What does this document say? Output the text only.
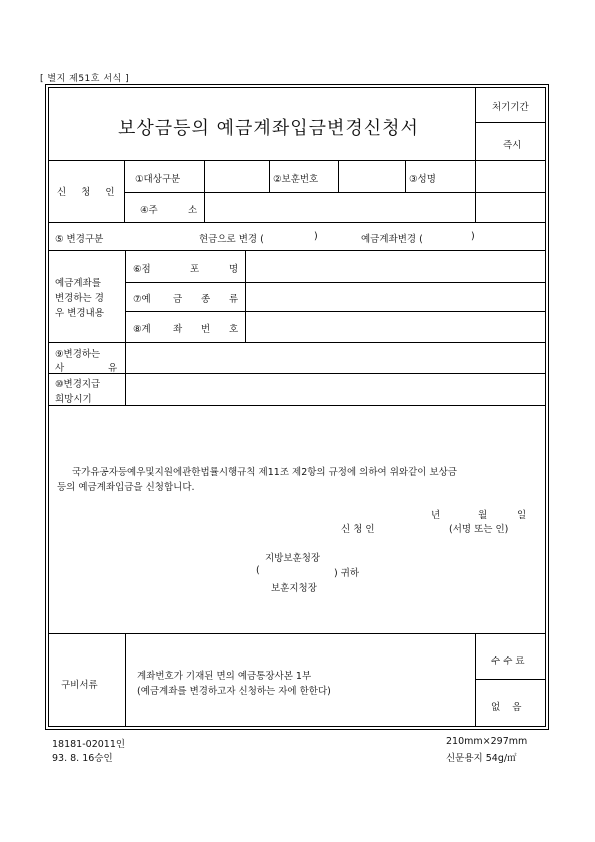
[ 별지 제51호 서식 ]
보상금등의 예금계좌입금변경신청서
처기기간
즉시
신 청 인
①대상구분	②보훈번호	③성명
④주	소
⑤ 변경구분	현금으로 변경 (	)	예금계좌변경 (	)
예금계좌를
변경하는 경
우 변경내용
⑥점	포	명
⑦예 금 종 류
⑧계 좌 번 호
⑨변경하는
사	유
⑩변경지급
희망시기
국가유공자등예우및지원에관한법률시행규칙 제11조 제2항의 규정에 의하여 위와같이 보상금
등의 예금계좌입금을 신청합니다.
년	월	일
신 청 인	(서명 또는 인)
지방보훈청장
(	) 귀하
보훈지청장
구비서류
계좌번호가 기재된 면의 예금통장사본 1부
(예금계좌를 변경하고자 신청하는 자에 한한다)
수 수 료
없    음
18181-02011인
93. 8. 16승인
210mm×297mm
신문용지 54g/㎡
